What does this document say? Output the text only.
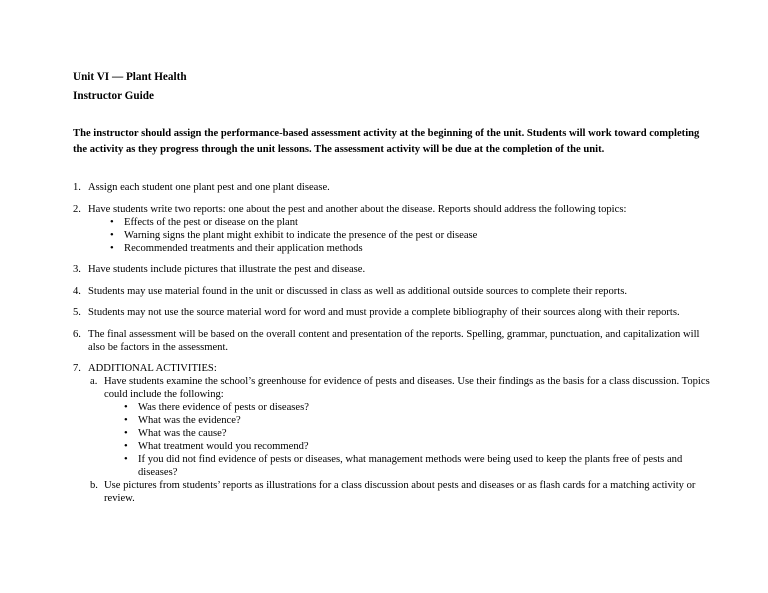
Unit VI — Plant Health
Instructor Guide
The instructor should assign the performance-based assessment activity at the beginning of the unit. Students will work toward completing the activity as they progress through the unit lessons. The assessment activity will be due at the completion of the unit.
1. Assign each student one plant pest and one plant disease.
2. Have students write two reports: one about the pest and another about the disease. Reports should address the following topics:
• Effects of the pest or disease on the plant
• Warning signs the plant might exhibit to indicate the presence of the pest or disease
• Recommended treatments and their application methods
3. Have students include pictures that illustrate the pest and disease.
4. Students may use material found in the unit or discussed in class as well as additional outside sources to complete their reports.
5. Students may not use the source material word for word and must provide a complete bibliography of their sources along with their reports.
6. The final assessment will be based on the overall content and presentation of the reports. Spelling, grammar, punctuation, and capitalization will also be factors in the assessment.
7. ADDITIONAL ACTIVITIES:
a. Have students examine the school’s greenhouse for evidence of pests and diseases. Use their findings as the basis for a class discussion. Topics could include the following:
• Was there evidence of pests or diseases?
• What was the evidence?
• What was the cause?
• What treatment would you recommend?
• If you did not find evidence of pests or diseases, what management methods were being used to keep the plants free of pests and diseases?
b. Use pictures from students’ reports as illustrations for a class discussion about pests and diseases or as flash cards for a matching activity or review.
